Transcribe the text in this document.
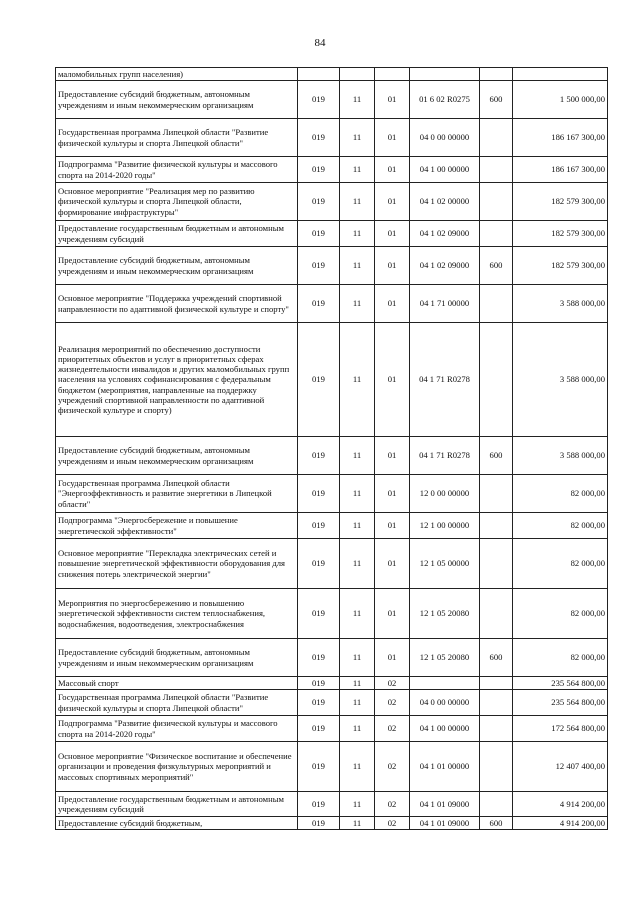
84
маломобильных групп населения)						
Предоставление субсидий бюджетным, автономным учреждениям и иным некоммерческим организациям	019	11	01	01 6 02 R0275	600	1 500 000,00
Государственная программа Липецкой области "Развитие физической культуры и спорта Липецкой области"	019	11	01	04 0 00 00000		186 167 300,00
Подпрограмма "Развитие физической культуры и массового спорта на 2014-2020 годы"	019	11	01	04 1 00 00000		186 167 300,00
Основное мероприятие "Реализация мер по развитию физической культуры и спорта Липецкой области, формирование инфраструктуры"	019	11	01	04 1 02 00000		182 579 300,00
Предоставление государственным бюджетным и автономным учреждениям субсидий	019	11	01	04 1 02 09000		182 579 300,00
Предоставление субсидий бюджетным, автономным учреждениям и иным некоммерческим организациям	019	11	01	04 1 02 09000	600	182 579 300,00
Основное мероприятие "Поддержка учреждений спортивной направленности по адаптивной физической культуре и спорту"	019	11	01	04 1 71 00000		3 588 000,00
Реализация мероприятий по обеспечению доступности приоритетных объектов и услуг в приоритетных сферах жизнедеятельности инвалидов и других маломобильных групп населения на условиях софинансирования с федеральным бюджетом (мероприятия, направленные на поддержку учреждений спортивной направленности по адаптивной физической культуре и спорту)	019	11	01	04 1 71 R0278		3 588 000,00
Предоставление субсидий бюджетным, автономным учреждениям и иным некоммерческим организациям	019	11	01	04 1 71 R0278	600	3 588 000,00
Государственная программа Липецкой области "Энергоэффективность и развитие энергетики в Липецкой области"	019	11	01	12 0 00 00000		82 000,00
Подпрограмма "Энергосбережение и повышение энергетической эффективности"	019	11	01	12 1 00 00000		82 000,00
Основное мероприятие "Перекладка электрических сетей и повышение энергетической эффективности оборудования для снижения потерь электрической энергии"	019	11	01	12 1 05 00000		82 000,00
Мероприятия по энергосбережению и повышению энергетической эффективности систем теплоснабжения, водоснабжения, водоотведения, электроснабжения	019	11	01	12 1 05 20080		82 000,00
Предоставление субсидий бюджетным, автономным учреждениям и иным некоммерческим организациям	019	11	01	12 1 05 20080	600	82 000,00
Массовый спорт	019	11	02			235 564 800,00
Государственная программа Липецкой области "Развитие физической культуры и спорта Липецкой области"	019	11	02	04 0 00 00000		235 564 800,00
Подпрограмма "Развитие физической культуры и массового спорта на 2014-2020 годы"	019	11	02	04 1 00 00000		172 564 800,00
Основное мероприятие "Физическое воспитание и обеспечение организации и проведения физкультурных мероприятий и массовых спортивных мероприятий"	019	11	02	04 1 01 00000		12 407 400,00
Предоставление государственным бюджетным и автономным учреждениям субсидий	019	11	02	04 1 01 09000		4 914 200,00
Предоставление субсидий бюджетным,	019	11	02	04 1 01 09000	600	4 914 200,00
